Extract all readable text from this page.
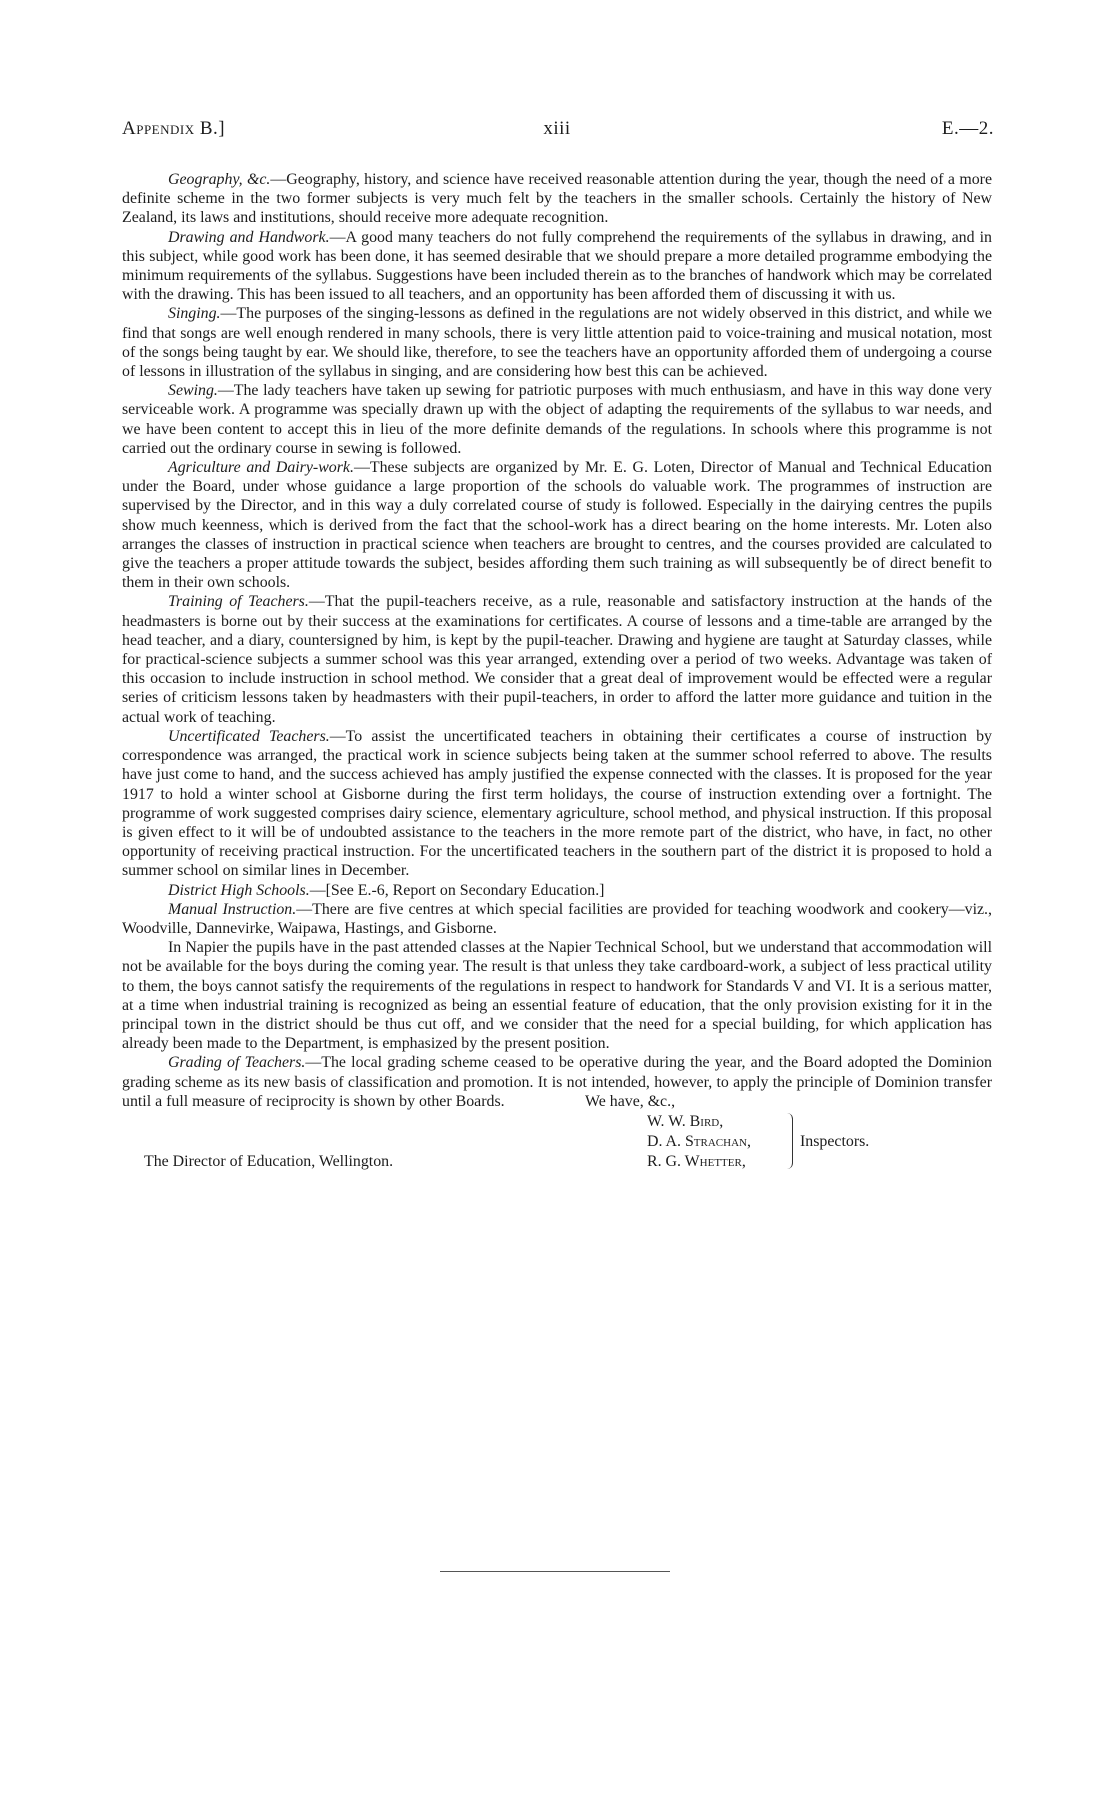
Appendix B.]	xiii	E.—2.

Geography, &c.—Geography, history, and science have received reasonable attention during the year, though the need of a more definite scheme in the two former subjects is very much felt by the teachers in the smaller schools. Certainly the history of New Zealand, its laws and institutions, should receive more adequate recognition.

Drawing and Handwork.—A good many teachers do not fully comprehend the requirements of the syllabus in drawing, and in this subject, while good work has been done, it has seemed desirable that we should prepare a more detailed programme embodying the minimum requirements of the syllabus. Suggestions have been included therein as to the branches of handwork which may be correlated with the drawing. This has been issued to all teachers, and an opportunity has been afforded them of discussing it with us.

Singing.—The purposes of the singing-lessons as defined in the regulations are not widely observed in this district, and while we find that songs are well enough rendered in many schools, there is very little attention paid to voice-training and musical notation, most of the songs being taught by ear. We should like, therefore, to see the teachers have an opportunity afforded them of undergoing a course of lessons in illustration of the syllabus in singing, and are considering how best this can be achieved.

Sewing.—The lady teachers have taken up sewing for patriotic purposes with much enthusiasm, and have in this way done very serviceable work. A programme was specially drawn up with the object of adapting the requirements of the syllabus to war needs, and we have been content to accept this in lieu of the more definite demands of the regulations. In schools where this programme is not carried out the ordinary course in sewing is followed.

Agriculture and Dairy-work.—These subjects are organized by Mr. E. G. Loten, Director of Manual and Technical Education under the Board, under whose guidance a large proportion of the schools do valuable work. The programmes of instruction are supervised by the Director, and in this way a duly correlated course of study is followed. Especially in the dairying centres the pupils show much keenness, which is derived from the fact that the school-work has a direct bearing on the home interests. Mr. Loten also arranges the classes of instruction in practical science when teachers are brought to centres, and the courses provided are calculated to give the teachers a proper attitude towards the subject, besides affording them such training as will subsequently be of direct benefit to them in their own schools.

Training of Teachers.—That the pupil-teachers receive, as a rule, reasonable and satisfactory instruction at the hands of the headmasters is borne out by their success at the examinations for certificates. A course of lessons and a time-table are arranged by the head teacher, and a diary, countersigned by him, is kept by the pupil-teacher. Drawing and hygiene are taught at Saturday classes, while for practical-science subjects a summer school was this year arranged, extending over a period of two weeks. Advantage was taken of this occasion to include instruction in school method. We consider that a great deal of improvement would be effected were a regular series of criticism lessons taken by headmasters with their pupil-teachers, in order to afford the latter more guidance and tuition in the actual work of teaching.

Uncertificated Teachers.—To assist the uncertificated teachers in obtaining their certificates a course of instruction by correspondence was arranged, the practical work in science subjects being taken at the summer school referred to above. The results have just come to hand, and the success achieved has amply justified the expense connected with the classes. It is proposed for the year 1917 to hold a winter school at Gisborne during the first term holidays, the course of instruction extending over a fortnight. The programme of work suggested comprises dairy science, elementary agriculture, school method, and physical instruction. If this proposal is given effect to it will be of undoubted assistance to the teachers in the more remote part of the district, who have, in fact, no other opportunity of receiving practical instruction. For the uncertificated teachers in the southern part of the district it is proposed to hold a summer school on similar lines in December.

District High Schools.—[See E.-6, Report on Secondary Education.]

Manual Instruction.—There are five centres at which special facilities are provided for teaching woodwork and cookery—viz., Woodville, Dannevirke, Waipawa, Hastings, and Gisborne.

In Napier the pupils have in the past attended classes at the Napier Technical School, but we understand that accommodation will not be available for the boys during the coming year. The result is that unless they take cardboard-work, a subject of less practical utility to them, the boys cannot satisfy the requirements of the regulations in respect to handwork for Standards V and VI. It is a serious matter, at a time when industrial training is recognized as being an essential feature of education, that the only provision existing for it in the principal town in the district should be thus cut off, and we consider that the need for a special building, for which application has already been made to the Department, is emphasized by the present position.

Grading of Teachers.—The local grading scheme ceased to be operative during the year, and the Board adopted the Dominion grading scheme as its new basis of classification and promotion. It is not intended, however, to apply the principle of Dominion transfer until a full measure of reciprocity is shown by other Boards.	We have, &c.,
W. W. Bird,
D. A. Strachan,
R. G. Whetter,
Inspectors.
The Director of Education, Wellington.
